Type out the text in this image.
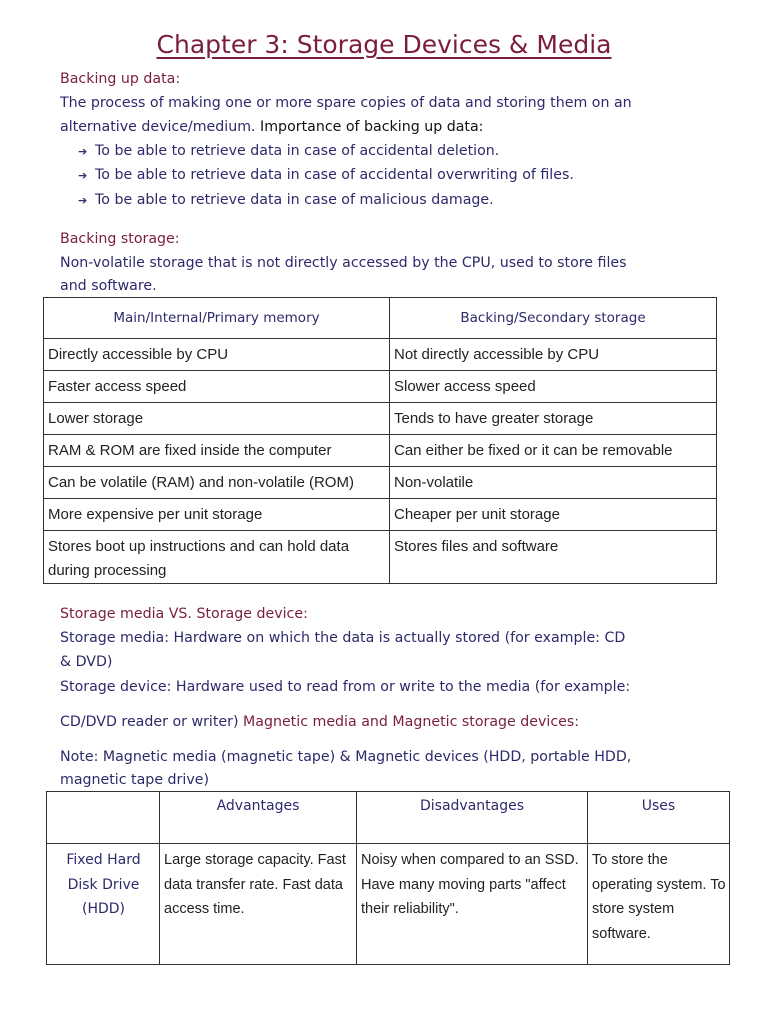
Chapter 3: Storage Devices & Media
Backing up data:
The process of making one or more spare copies of data and storing them on an
alternative device/medium. Importance of backing up data:
➔ To be able to retrieve data in case of accidental deletion.
➔ To be able to retrieve data in case of accidental overwriting of files.
➔ To be able to retrieve data in case of malicious damage.
Backing storage:
Non-volatile storage that is not directly accessed by the CPU, used to store files
and software.
Main/Internal/Primary memory	Backing/Secondary storage
Directly accessible by CPU	Not directly accessible by CPU
Faster access speed	Slower access speed
Lower storage	Tends to have greater storage
RAM & ROM are fixed inside the computer	Can either be fixed or it can be removable
Can be volatile (RAM) and non-volatile (ROM)	Non-volatile
More expensive per unit storage	Cheaper per unit storage
Stores boot up instructions and can hold data during processing	Stores files and software
Storage media VS. Storage device:
Storage media: Hardware on which the data is actually stored (for example: CD
& DVD)
Storage device: Hardware used to read from or write to the media (for example:
CD/DVD reader or writer) Magnetic media and Magnetic storage devices:
Note: Magnetic media (magnetic tape) & Magnetic devices (HDD, portable HDD,
magnetic tape drive)
	Advantages	Disadvantages	Uses
Fixed Hard Disk Drive (HDD)	Large storage capacity. Fast data transfer rate. Fast data access time.	Noisy when compared to an SSD. Have many moving parts "affect their reliability".	To store the operating system. To store system software.
